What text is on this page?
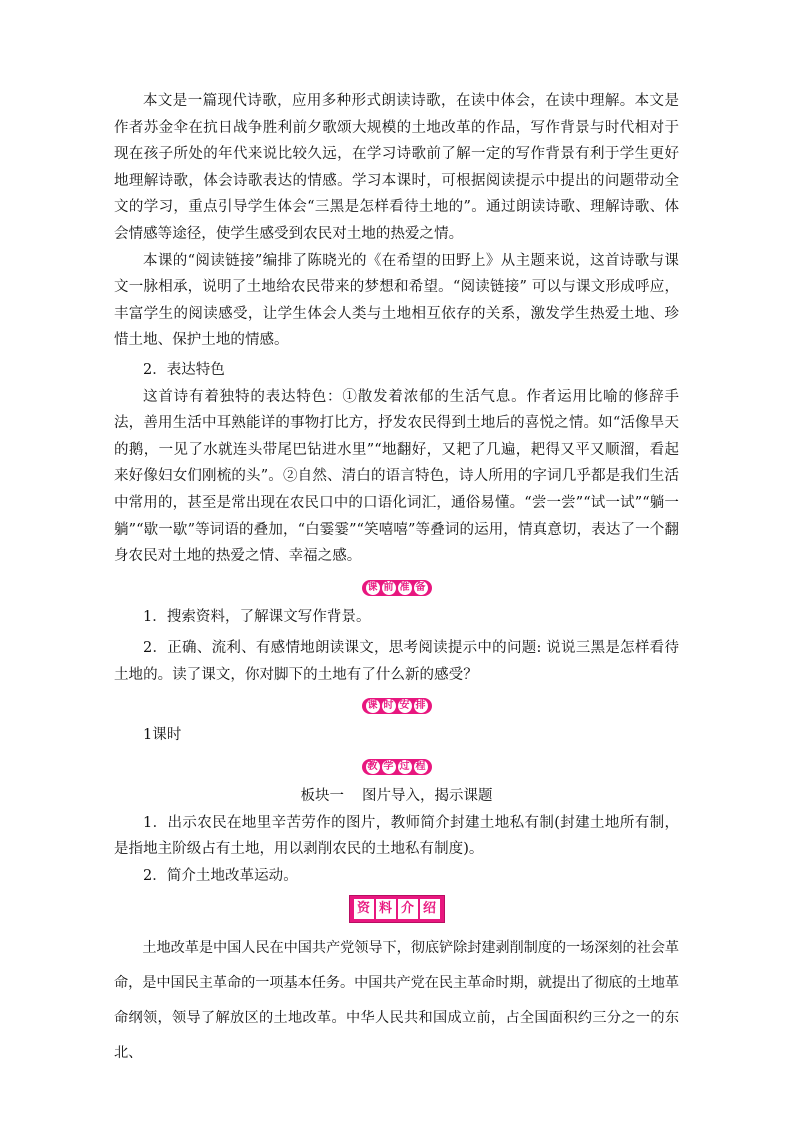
本文是一篇现代诗歌，应用多种形式朗读诗歌，在读中体会，在读中理解。本文是作者苏金伞在抗日战争胜利前夕歌颂大规模的土地改革的作品，写作背景与时代相对于现在孩子所处的年代来说比较久远，在学习诗歌前了解一定的写作背景有利于学生更好地理解诗歌，体会诗歌表达的情感。学习本课时，可根据阅读提示中提出的问题带动全文的学习，重点引导学生体会“三黑是怎样看待土地的”。通过朗读诗歌、理解诗歌、体会情感等途径，使学生感受到农民对土地的热爱之情。

本课的“阅读链接”编排了陈晓光的《在希望的田野上》从主题来说，这首诗歌与课文一脉相承，说明了土地给农民带来的梦想和希望。“阅读链接” 可以与课文形成呼应，丰富学生的阅读感受，让学生体会人类与土地相互依存的关系，激发学生热爱土地、珍惜土地、保护土地的情感。

2．表达特色

这首诗有着独特的表达特色：①散发着浓郁的生活气息。作者运用比喻的修辞手法，善用生活中耳熟能详的事物打比方，抒发农民得到土地后的喜悦之情。如“活像旱天的鹅，一见了水就连头带尾巴钻进水里”“地翻好，又耙了几遍，耙得又平又顺溜，看起来好像妇女们刚梳的头”。②自然、清白的语言特色，诗人所用的字词几乎都是我们生活中常用的，甚至是常出现在农民口中的口语化词汇，通俗易懂。“尝一尝”“试一试”“躺一躺”“歇一歇”等词语的叠加，“白霎霎”“笑嘻嘻”等叠词的运用，情真意切，表达了一个翻身农民对土地的热爱之情、幸福之感。

课 前 准 备

1．搜索资料，了解课文写作背景。

2．正确、流利、有感情地朗读课文，思考阅读提示中的问题: 说说三黑是怎样看待土地的。读了课文，你对脚下的土地有了什么新的感受？

课 时 安 排

1课时

教 学 过 程
板块一 图片导入，揭示课题

1．出示农民在地里辛苦劳作的图片，教师简介封建土地私有制(封建土地所有制，是指地主阶级占有土地，用以剥削农民的土地私有制度)。

2．简介土地改革运动。

资 料 介 绍

土地改革是中国人民在中国共产党领导下，彻底铲除封建剥削制度的一场深刻的社会革命，是中国民主革命的一项基本任务。中国共产党在民主革命时期，就提出了彻底的土地革命纲领，领导了解放区的土地改革。中华人民共和国成立前，占全国面积约三分之一的东北、
